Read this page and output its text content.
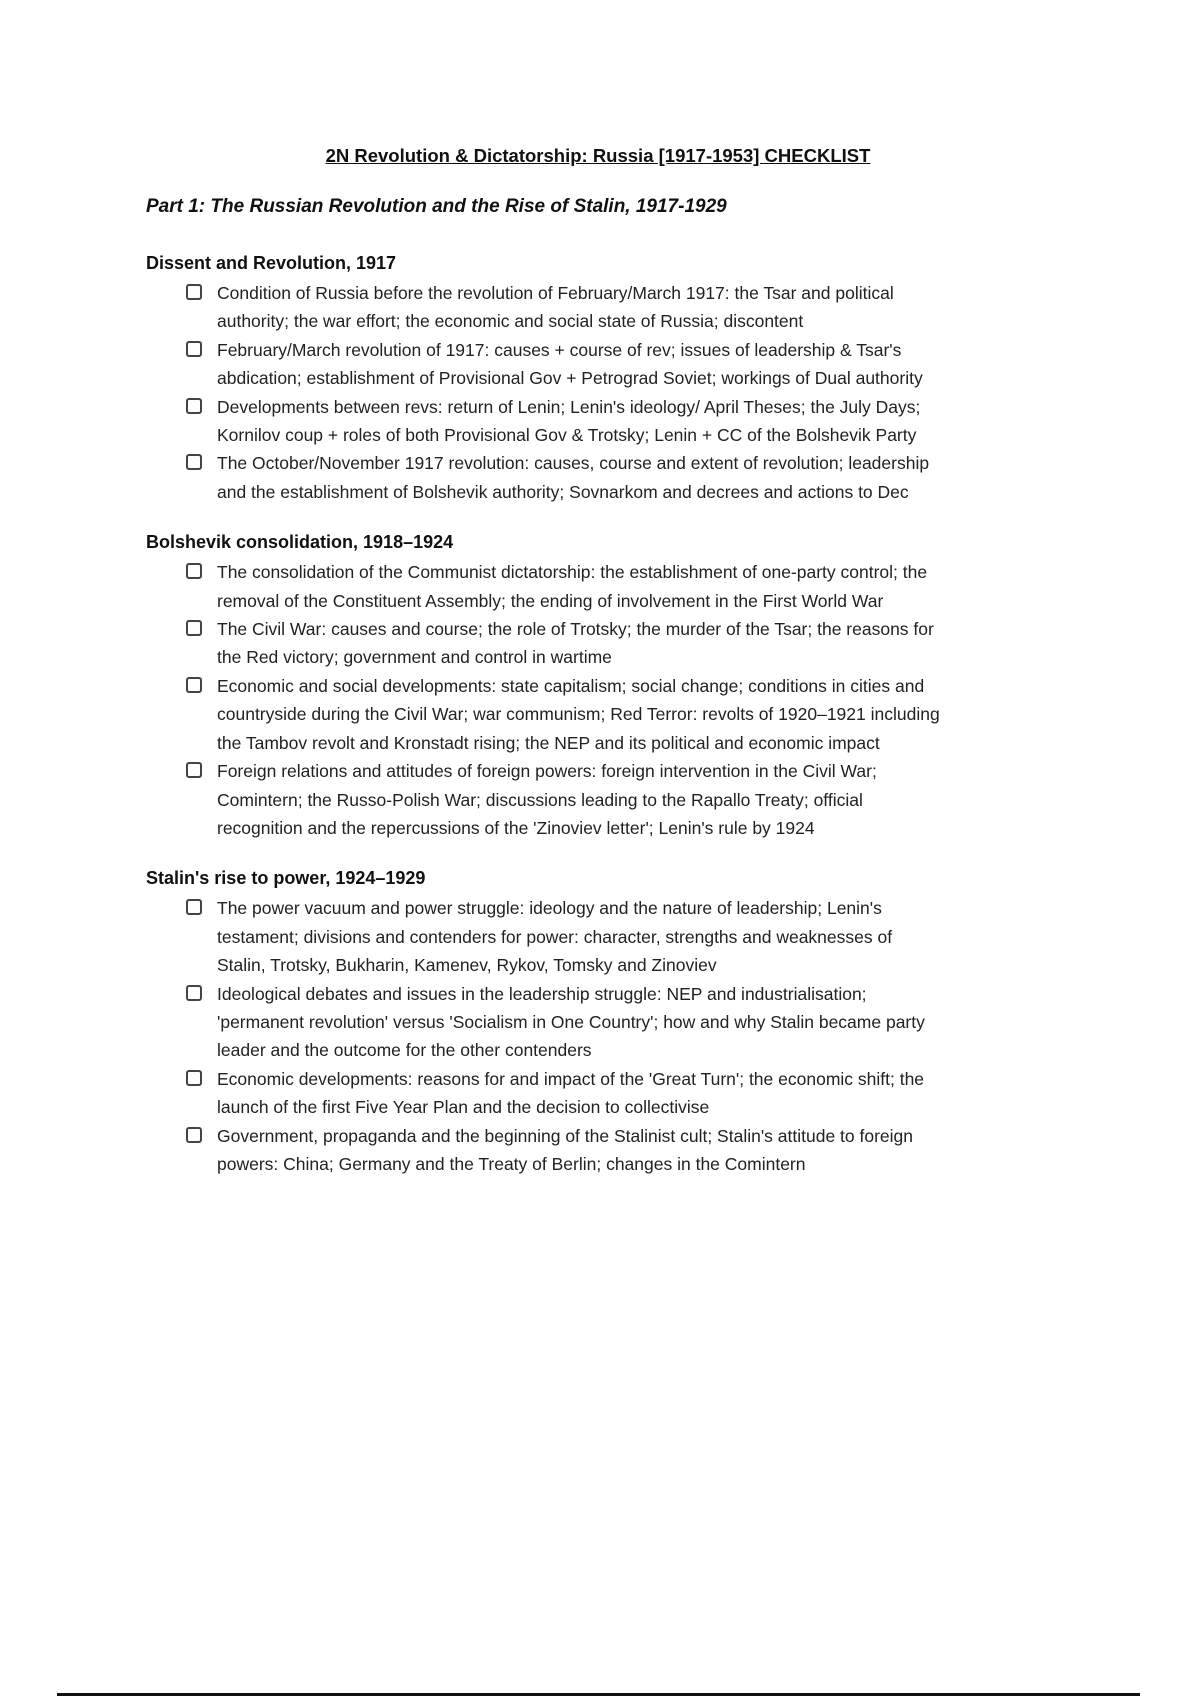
2N Revolution & Dictatorship: Russia [1917-1953] CHECKLIST
Part 1: The Russian Revolution and the Rise of Stalin, 1917-1929
Dissent and Revolution, 1917
Condition of Russia before the revolution of February/March 1917: the Tsar and political
authority; the war effort; the economic and social state of Russia; discontent
February/March revolution of 1917: causes + course of rev; issues of leadership & Tsar's
abdication; establishment of Provisional Gov + Petrograd Soviet; workings of Dual authority
Developments between revs: return of Lenin; Lenin's ideology/ April Theses; the July Days;
Kornilov coup + roles of both Provisional Gov & Trotsky; Lenin + CC of the Bolshevik Party
The October/November 1917 revolution: causes, course and extent of revolution; leadership
and the establishment of Bolshevik authority; Sovnarkom and decrees and actions to Dec
Bolshevik consolidation, 1918–1924
The consolidation of the Communist dictatorship: the establishment of one-party control; the
removal of the Constituent Assembly; the ending of involvement in the First World War
The Civil War: causes and course; the role of Trotsky; the murder of the Tsar; the reasons for
the Red victory; government and control in wartime
Economic and social developments: state capitalism; social change; conditions in cities and
countryside during the Civil War; war communism; Red Terror: revolts of 1920–1921 including
the Tambov revolt and Kronstadt rising; the NEP and its political and economic impact
Foreign relations and attitudes of foreign powers: foreign intervention in the Civil War;
Comintern; the Russo-Polish War; discussions leading to the Rapallo Treaty; official
recognition and the repercussions of the 'Zinoviev letter'; Lenin's rule by 1924
Stalin's rise to power, 1924–1929
The power vacuum and power struggle: ideology and the nature of leadership; Lenin's
testament; divisions and contenders for power: character, strengths and weaknesses of
Stalin, Trotsky, Bukharin, Kamenev, Rykov, Tomsky and Zinoviev
Ideological debates and issues in the leadership struggle: NEP and industrialisation;
'permanent revolution' versus 'Socialism in One Country'; how and why Stalin became party
leader and the outcome for the other contenders
Economic developments: reasons for and impact of the 'Great Turn'; the economic shift; the
launch of the first Five Year Plan and the decision to collectivise
Government, propaganda and the beginning of the Stalinist cult; Stalin's attitude to foreign
powers: China; Germany and the Treaty of Berlin; changes in the Comintern
